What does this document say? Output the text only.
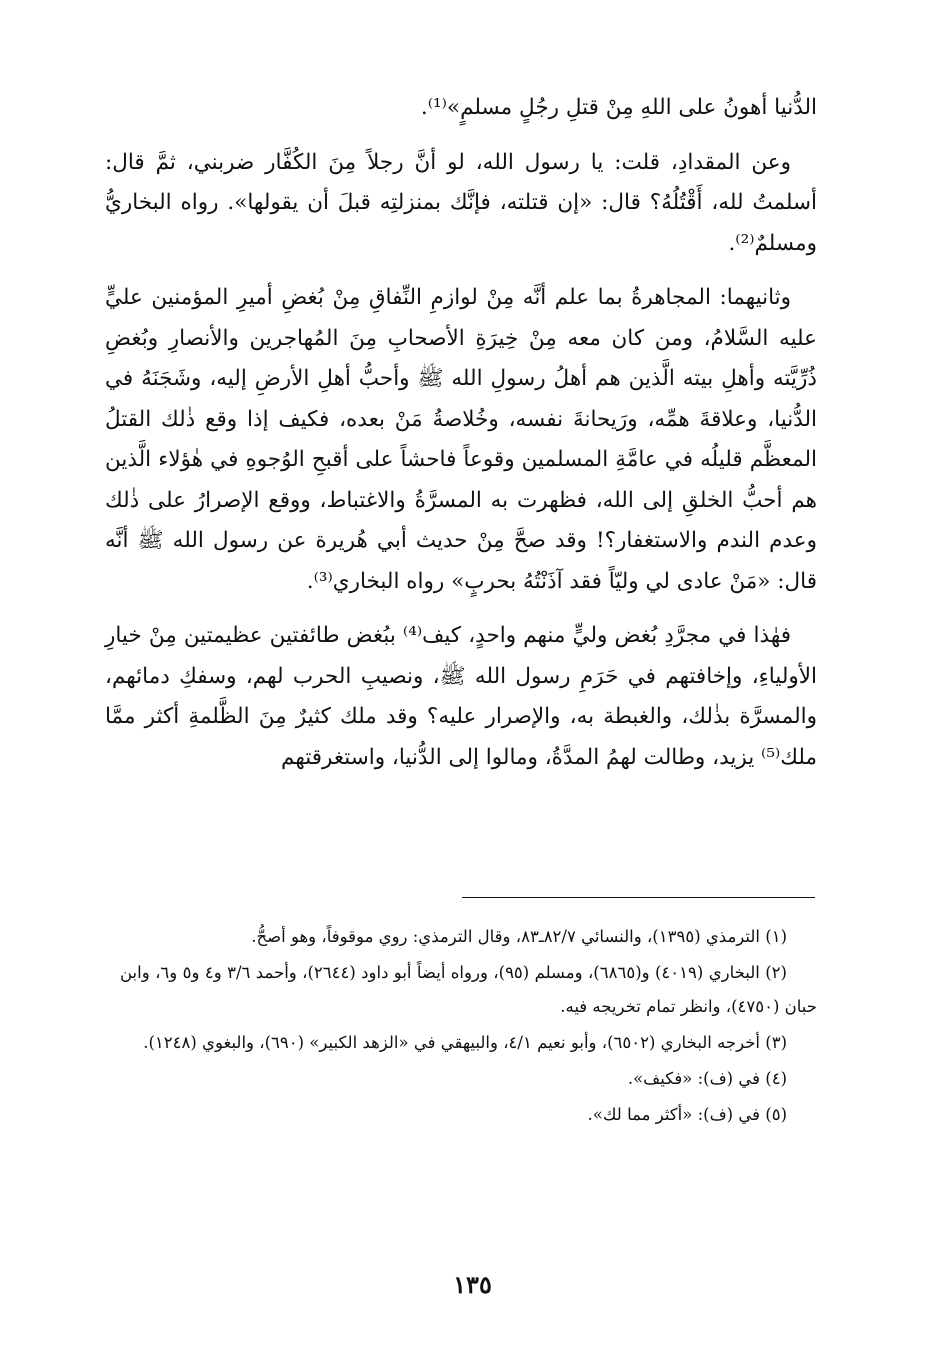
الدُّنيا أهونُ على اللهِ مِنْ قتلِ رجُلٍ مسلمٍ»⁽¹⁾.

وعن المقدادِ، قلت: يا رسول الله، لو أنَّ رجلاً مِنَ الكُفَّار ضربني، ثمَّ قال: أسلمتُ لله، أَقْتُلُهُ؟ قال: «إن قتلته، فإنَّك بمنزلتِه قبلَ أن يقولها». رواه البخاريُّ ومسلمٌ⁽²⁾.

وثانيهما: المجاهرةُ بما علم أنَّه مِنْ لوازمِ النِّفاقِ مِنْ بُغضِ أميرِ المؤمنين عليٍّ عليه السَّلامُ، ومن كان معه مِنْ خِيرَةِ الأصحابِ مِنَ المُهاجرين والأنصارِ وبُغضِ ذُرِّيَّته وأهلِ بيته الَّذين هم أهلُ رسولِ الله ﷺ وأحبُّ أهلِ الأرضِ إليه، وشَجَنَهُ في الدُّنيا، وعلاقةَ همِّه، ورَيحانةَ نفسه، وخُلاصةُ مَنْ بعده، فكيف إذا وقع ذٰلك القتلُ المعظَّم قليلُه في عامَّةِ المسلمين وقوعاً فاحشاً على أقبحِ الوُجوهِ في هٰؤلاء الَّذين هم أحبُّ الخلقِ إلى الله، فظهرت به المسرَّةُ والاغتباط، ووقع الإصرارُ على ذٰلك وعدم الندم والاستغفار؟! وقد صحَّ مِنْ حديث أبي هُريرة عن رسول الله ﷺ أنَّه قال: «مَنْ عادى لي وليّاً فقد آذَنْتُهُ بحربٍ» رواه البخاري⁽³⁾.

فهٰذا في مجرَّدِ بُغض وليٍّ منهم واحدٍ، كيف⁽⁴⁾ ببُغض طائفتين عظيمتين مِنْ خيارِ الأولياءِ، وإخافتهم في حَرَمِ رسول الله ﷺ، ونصيبِ الحرب لهم، وسفكِ دمائهم، والمسرَّة بذٰلك، والغبطة به، والإصرار عليه؟ وقد ملك كثيرٌ مِنَ الظَّلمةِ أكثر ممَّا ملك⁽⁵⁾ يزيد، وطالت لهمُ المدَّةُ، ومالوا إلى الدُّنيا، واستغرقتهم

(١) الترمذي (١٣٩٥)، والنسائي ٨٢/٧ـ٨٣، وقال الترمذي: روي موقوفاً، وهو أصحُّ.

(٢) البخاري (٤٠١٩) و(٦٨٦٥)، ومسلم (٩٥)، ورواه أيضاً أبو داود (٢٦٤٤)، وأحمد ٣/٦ و٤ و٥ و٦، وابن حبان (٤٧٥٠)، وانظر تمام تخريجه فيه.

(٣) أخرجه البخاري (٦٥٠٢)، وأبو نعيم ٤/١، والبيهقي في «الزهد الكبير» (٦٩٠)، والبغوي (١٢٤٨).

(٤) في (ف): «فكيف».

(٥) في (ف): «أكثر مما لك».

١٣٥
